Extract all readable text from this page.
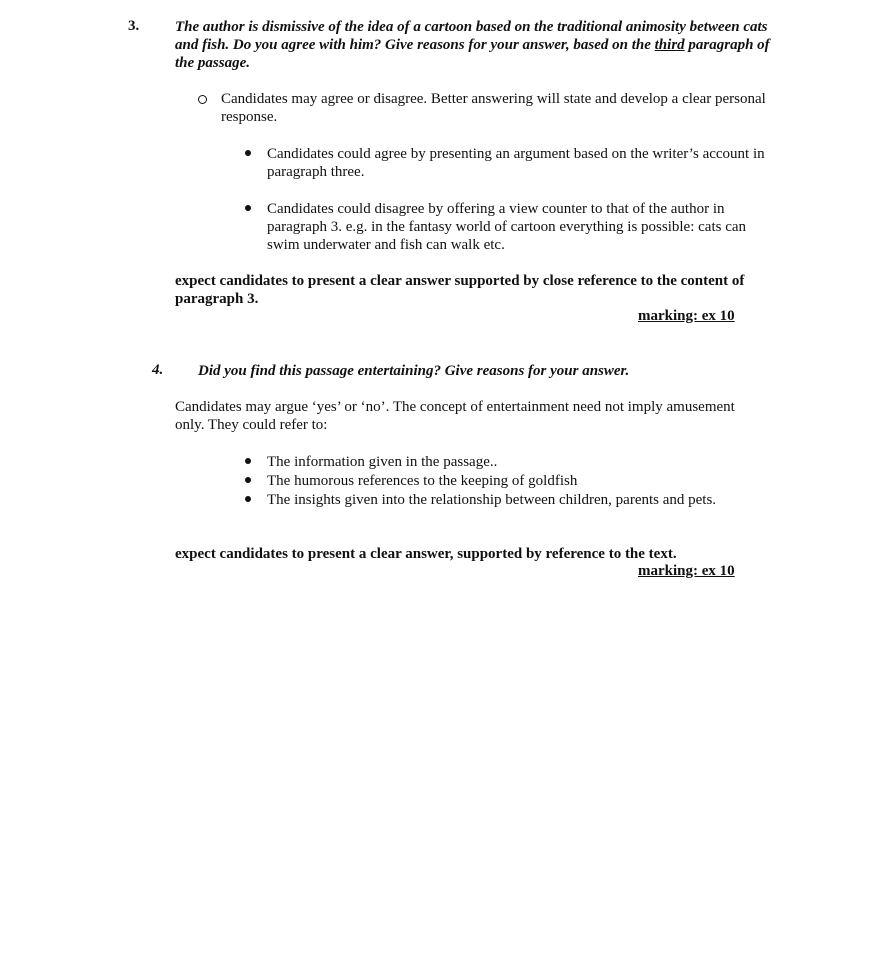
3. The author is dismissive of the idea of a cartoon based on the traditional animosity between cats and fish. Do you agree with him? Give reasons for your answer, based on the third paragraph of the passage.
Candidates may agree or disagree. Better answering will state and develop a clear personal response.
Candidates could agree by presenting an argument based on the writer’s account in paragraph three.
Candidates could disagree by offering a view counter to that of the author in paragraph 3. e.g. in the fantasy world of cartoon everything is possible: cats can swim underwater and fish can walk etc.
expect candidates to present a clear answer supported by close reference to the content of paragraph 3.
marking: ex 10
4. Did you find this passage entertaining? Give reasons for your answer.
Candidates may argue ‘yes’ or ‘no’. The concept of entertainment need not imply amusement only. They could refer to:
The information given in the passage..
The humorous references to the keeping of goldfish
The insights given into the relationship between children, parents and pets.
expect candidates to present a clear answer, supported by reference to the text.
marking: ex 10
